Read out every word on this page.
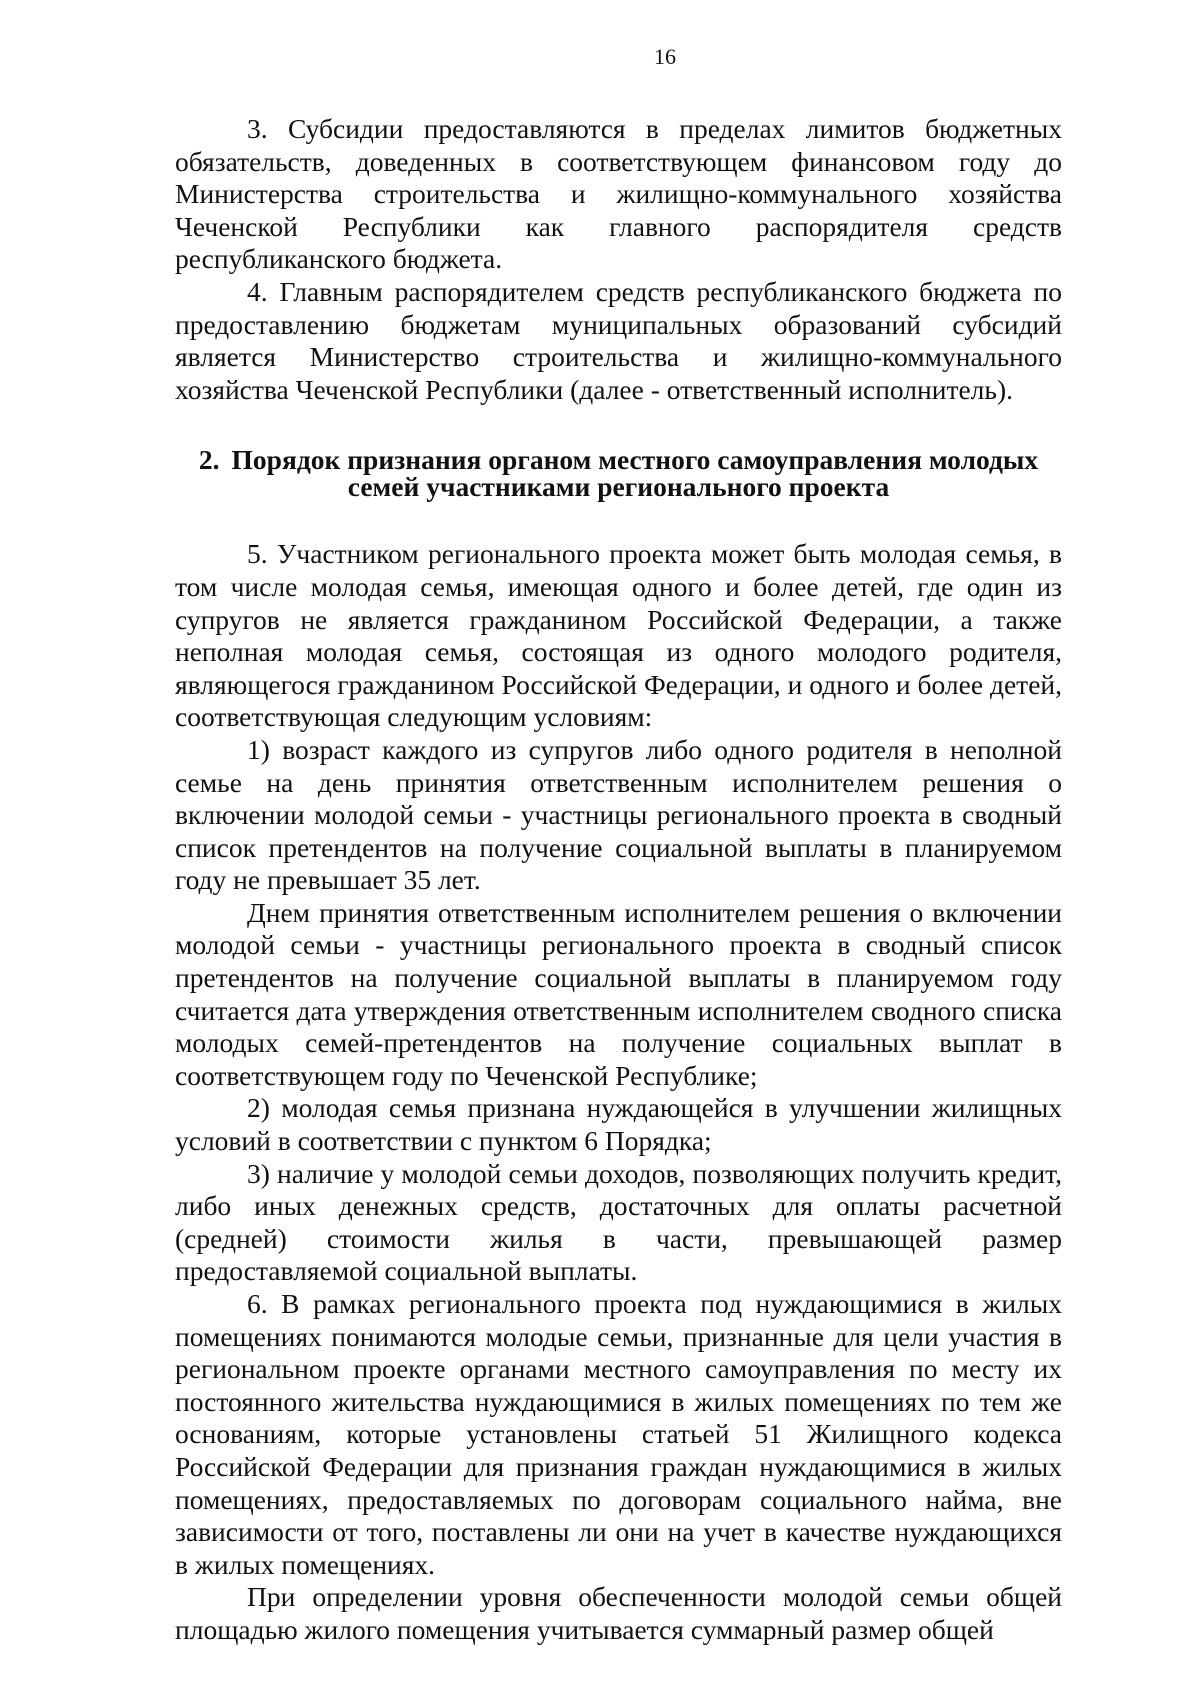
16

3. Субсидии предоставляются в пределах лимитов бюджетных обязательств, доведенных в соответствующем финансовом году до Министерства строительства и жилищно-коммунального хозяйства Чеченской Республики как главного распорядителя средств республиканского бюджета.

4. Главным распорядителем средств республиканского бюджета по предоставлению бюджетам муниципальных образований субсидий является Министерство строительства и жилищно-коммунального хозяйства Чеченской Республики (далее - ответственный исполнитель).

2. Порядок признания органом местного самоуправления молодых семей участниками регионального проекта

5. Участником регионального проекта может быть молодая семья, в том числе молодая семья, имеющая одного и более детей, где один из супругов не является гражданином Российской Федерации, а также неполная молодая семья, состоящая из одного молодого родителя, являющегося гражданином Российской Федерации, и одного и более детей, соответствующая следующим условиям:

1) возраст каждого из супругов либо одного родителя в неполной семье на день принятия ответственным исполнителем решения о включении молодой семьи - участницы регионального проекта в сводный список претендентов на получение социальной выплаты в планируемом году не превышает 35 лет.

Днем принятия ответственным исполнителем решения о включении молодой семьи - участницы регионального проекта в сводный список претендентов на получение социальной выплаты в планируемом году считается дата утверждения ответственным исполнителем сводного списка молодых семей-претендентов на получение социальных выплат в соответствующем году по Чеченской Республике;

2) молодая семья признана нуждающейся в улучшении жилищных условий в соответствии с пунктом 6 Порядка;

3) наличие у молодой семьи доходов, позволяющих получить кредит, либо иных денежных средств, достаточных для оплаты расчетной (средней) стоимости жилья в части, превышающей размер предоставляемой социальной выплаты.

6. В рамках регионального проекта под нуждающимися в жилых помещениях понимаются молодые семьи, признанные для цели участия в региональном проекте органами местного самоуправления по месту их постоянного жительства нуждающимися в жилых помещениях по тем же основаниям, которые установлены статьей 51 Жилищного кодекса Российской Федерации для признания граждан нуждающимися в жилых помещениях, предоставляемых по договорам социального найма, вне зависимости от того, поставлены ли они на учет в качестве нуждающихся в жилых помещениях.

При определении уровня обеспеченности молодой семьи общей площадью жилого помещения учитывается суммарный размер общей
